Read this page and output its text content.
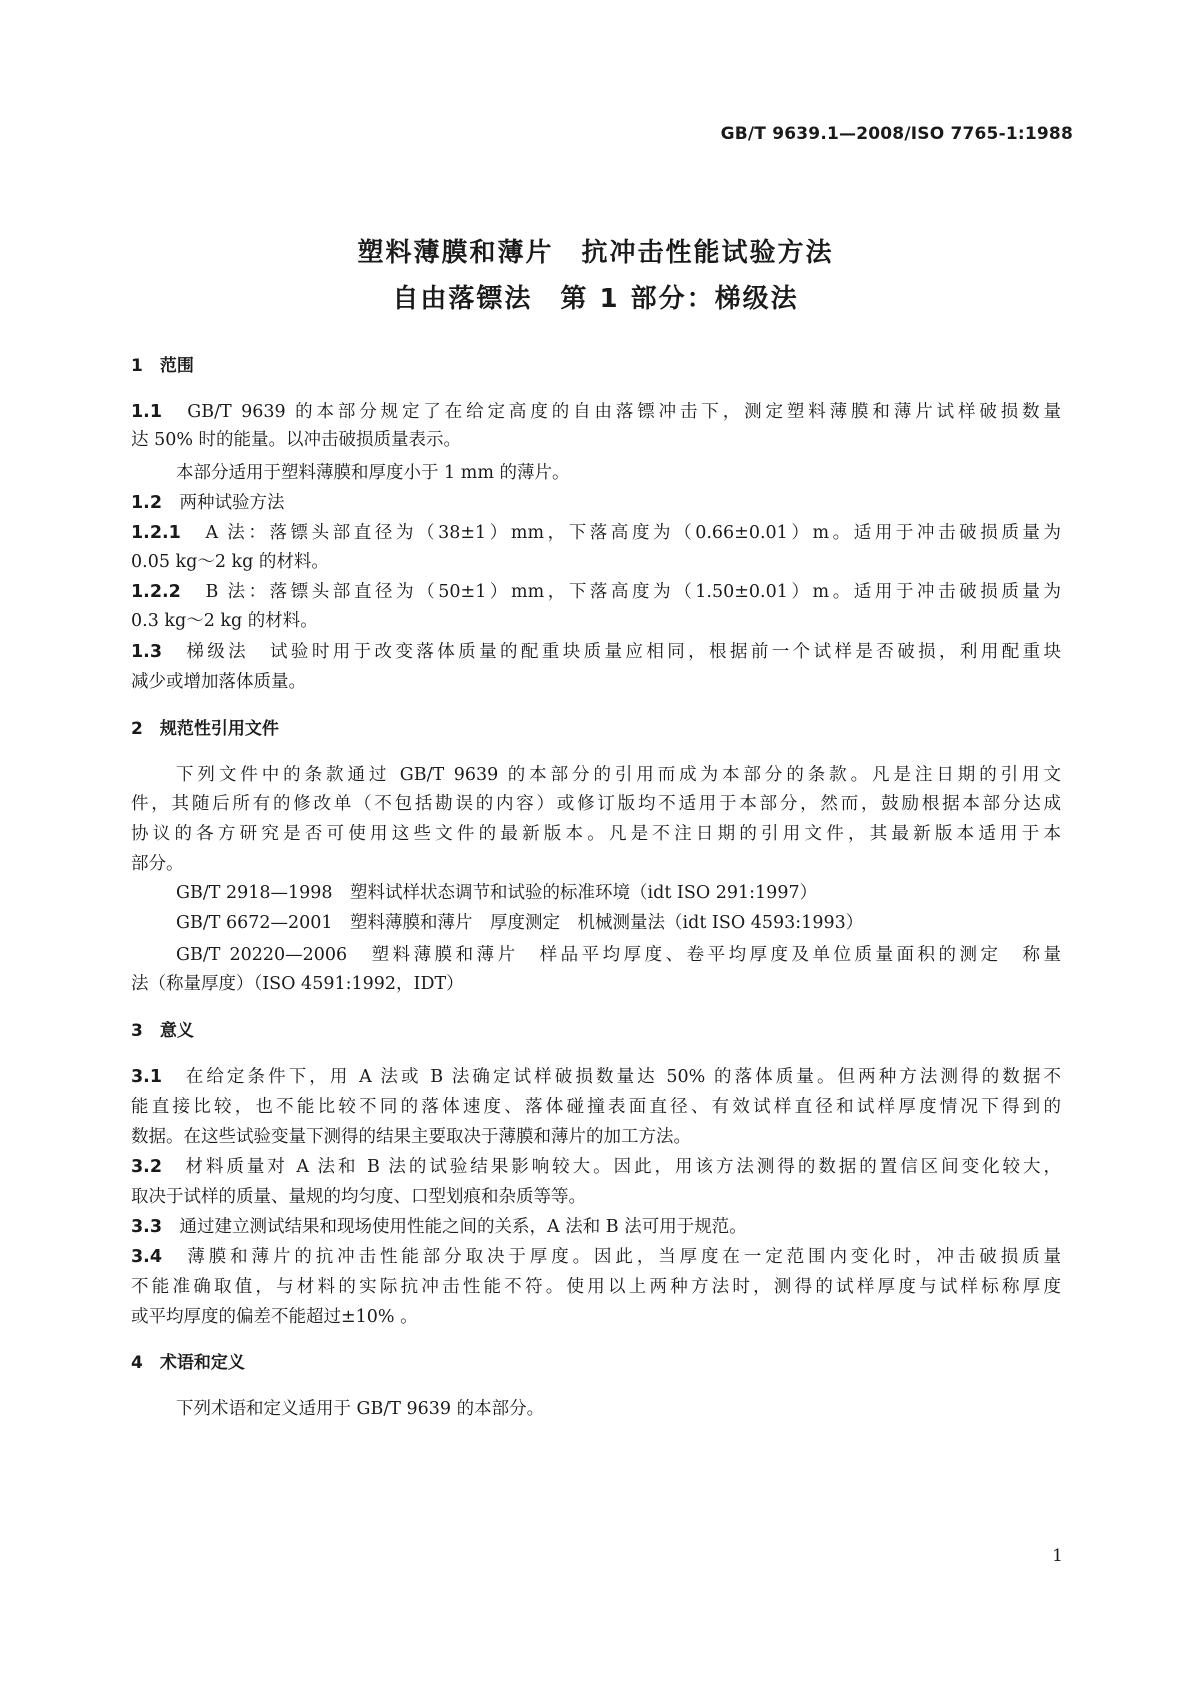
GB/T 9639.1—2008/ISO 7765-1:1988
塑料薄膜和薄片　抗冲击性能试验方法
自由落镖法　第 1 部分：梯级法
1　范围
1.1　 GB/T 9639 的本部分规定了在给定高度的自由落镖冲击下，测定塑料薄膜和薄片试样破损数量
达 50% 时的能量。以冲击破损质量表示。
本部分适用于塑料薄膜和厚度小于 1 mm 的薄片。
1.2　 两种试验方法
1.2.1　 A 法：落镖头部直径为（38±1）mm，下落高度为（0.66±0.01）m。适用于冲击破损质量为
0.05 kg～2 kg 的材料。
1.2.2　 B 法：落镖头部直径为（50±1）mm，下落高度为（1.50±0.01）m。适用于冲击破损质量为
0.3 kg～2 kg 的材料。
1.3　 梯级法　 试验时用于改变落体质量的配重块质量应相同，根据前一个试样是否破损，利用配重块
减少或增加落体质量。
2　规范性引用文件
下列文件中的条款通过 GB/T 9639 的本部分的引用而成为本部分的条款。凡是注日期的引用文
件，其随后所有的修改单（不包括勘误的内容）或修订版均不适用于本部分，然而，鼓励根据本部分达成
协议的各方研究是否可使用这些文件的最新版本。凡是不注日期的引用文件，其最新版本适用于本
部分。
GB/T 2918—1998　塑料试样状态调节和试验的标准环境（idt ISO 291:1997）
GB/T 6672—2001　塑料薄膜和薄片　厚度测定　机械测量法（idt ISO 4593:1993）
GB/T 20220—2006　塑料薄膜和薄片　样品平均厚度、卷平均厚度及单位质量面积的测定　称量
法（称量厚度）（ISO 4591:1992，IDT）
3　意义
3.1　 在给定条件下，用 A 法或 B 法确定试样破损数量达 50% 的落体质量。但两种方法测得的数据不
能直接比较，也不能比较不同的落体速度、落体碰撞表面直径、有效试样直径和试样厚度情况下得到的
数据。在这些试验变量下测得的结果主要取决于薄膜和薄片的加工方法。
3.2　 材料质量对 A 法和 B 法的试验结果影响较大。因此，用该方法测得的数据的置信区间变化较大，
取决于试样的质量、量规的均匀度、口型划痕和杂质等等。
3.3　 通过建立测试结果和现场使用性能之间的关系，A 法和 B 法可用于规范。
3.4　 薄膜和薄片的抗冲击性能部分取决于厚度。因此，当厚度在一定范围内变化时，冲击破损质量
不能准确取值，与材料的实际抗冲击性能不符。使用以上两种方法时，测得的试样厚度与试样标称厚度
或平均厚度的偏差不能超过±10% 。
4　术语和定义
下列术语和定义适用于 GB/T 9639 的本部分。
1
